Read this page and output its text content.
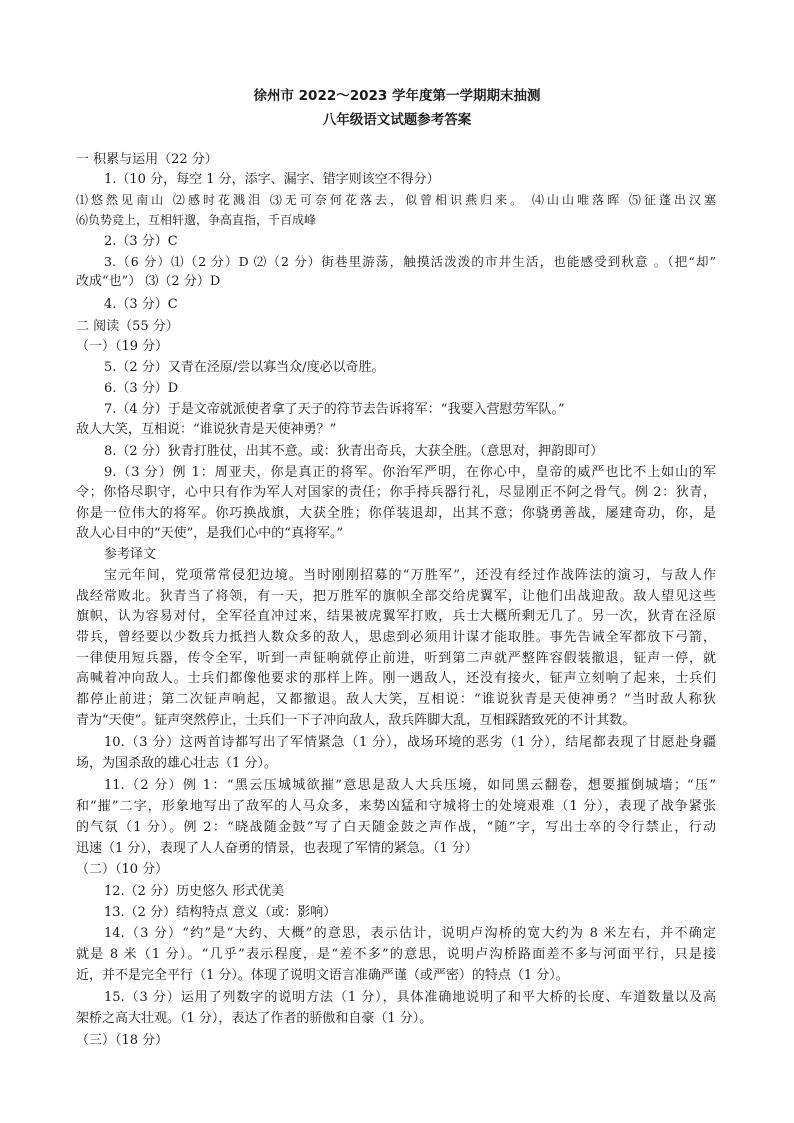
徐州市 2022～2023 学年度第一学期期末抽测
八年级语文试题参考答案
一 积累与运用（22 分）
1.（10 分，每空 1 分，添字、漏字、错字则该空不得分）
⑴悠然见南山 ⑵感时花溅泪 ⑶无可奈何花落去，似曾相识燕归来。 ⑷山山唯落晖 ⑸征蓬出汉塞
⑹负势竞上，互相轩邈，争高直指，千百成峰
2.（3 分）C
3.（6 分）⑴（2 分）D ⑵（2 分）街巷里游荡，触摸活泼泼的市井生活，也能感受到秋意 。（把“却”
改成“也”） ⑶（2 分）D
4.（3 分）C
二 阅读（55 分）
（一）（19 分）
5.（2 分）又青在泾原/尝以寡当众/度必以奇胜。
6.（3 分）D
7.（4 分）于是文帝就派使者拿了天子的符节去告诉将军：“我要入营慰劳军队。”
敌人大笑，互相说：“谁说狄青是天使神勇？”
8.（2 分）狄青打胜仗，出其不意。或：狄青出奇兵，大获全胜。（意思对，押韵即可）
9.（3 分）例 1：周亚夫，你是真正的将军。你治军严明，在你心中，皇帝的威严也比不上如山的军
令；你恪尽职守，心中只有作为军人对国家的责任；你手持兵器行礼，尽显刚正不阿之骨气。例 2：狄青，
你是一位伟大的将军。你巧换战旗，大获全胜；你佯装退却，出其不意；你骁勇善战，屡建奇功，你，是
敌人心目中的“天使”，是我们心中的“真将军。”
参考译文
宝元年间，党项常常侵犯边境。当时刚刚招募的“万胜军”，还没有经过作战阵法的演习，与敌人作
战经常败北。狄青当了将领，有一天，把万胜军的旗帜全部交给虎翼军，让他们出战迎敌。敌人望见这些
旗帜，认为容易对付，全军径直冲过来，结果被虎翼军打败，兵士大概所剩无几了。另一次，狄青在泾原
带兵，曾经要以少数兵力抵挡人数众多的敌人，思虑到必须用计谋才能取胜。事先告诫全军都放下弓箭，
一律使用短兵器，传令全军，听到一声钲响就停止前进，听到第二声就严整阵容假装撤退，钲声一停，就
高喊着冲向敌人。士兵们都像他要求的那样上阵。刚一遇敌人，还没有接火，钲声立刻响了起来，士兵们
都停止前进；第二次钲声响起，又都撤退。敌人大笑，互相说：“谁说狄青是天使神勇？”当时敌人称狄
青为“天使”。钲声突然停止，士兵们一下子冲向敌人，敌兵阵脚大乱，互相踩踏致死的不计其数。
10.（3 分）这两首诗都写出了军情紧急（1 分），战场环境的恶劣（1 分），结尾都表现了甘愿赴身疆
场，为国杀敌的雄心壮志（1 分）。
11.（2 分）例 1：“黑云压城城欲摧”意思是敌人大兵压境，如同黑云翻卷，想要摧倒城墙；“压”
和“摧”二字，形象地写出了敌军的人马众多，来势凶猛和守城将士的处境艰难（1 分），表现了战争紧张
的气氛（1 分）。例 2：“晓战随金鼓”写了白天随金鼓之声作战，“随”字，写出士卒的令行禁止，行动
迅速（1 分），表现了人人奋勇的情景，也表现了军情的紧急。（1 分）
（二）（10 分）
12.（2 分）历史悠久 形式优美
13.（2 分）结构特点 意义（或：影响）
14.（3 分）“约”是“大约、大概”的意思，表示估计，说明卢沟桥的宽大约为 8 米左右，并不确定
就是 8 米（1 分）。“几乎”表示程度，是“差不多”的意思，说明卢沟桥路面差不多与河面平行，只是接
近，并不是完全平行（1 分）。体现了说明文语言准确严谨（或严密）的特点（1 分）。
15.（3 分）运用了列数字的说明方法（1 分），具体准确地说明了和平大桥的长度、车道数量以及高
架桥之高大壮观。（1 分），表达了作者的骄傲和自豪（1 分）。
（三）（18 分）
